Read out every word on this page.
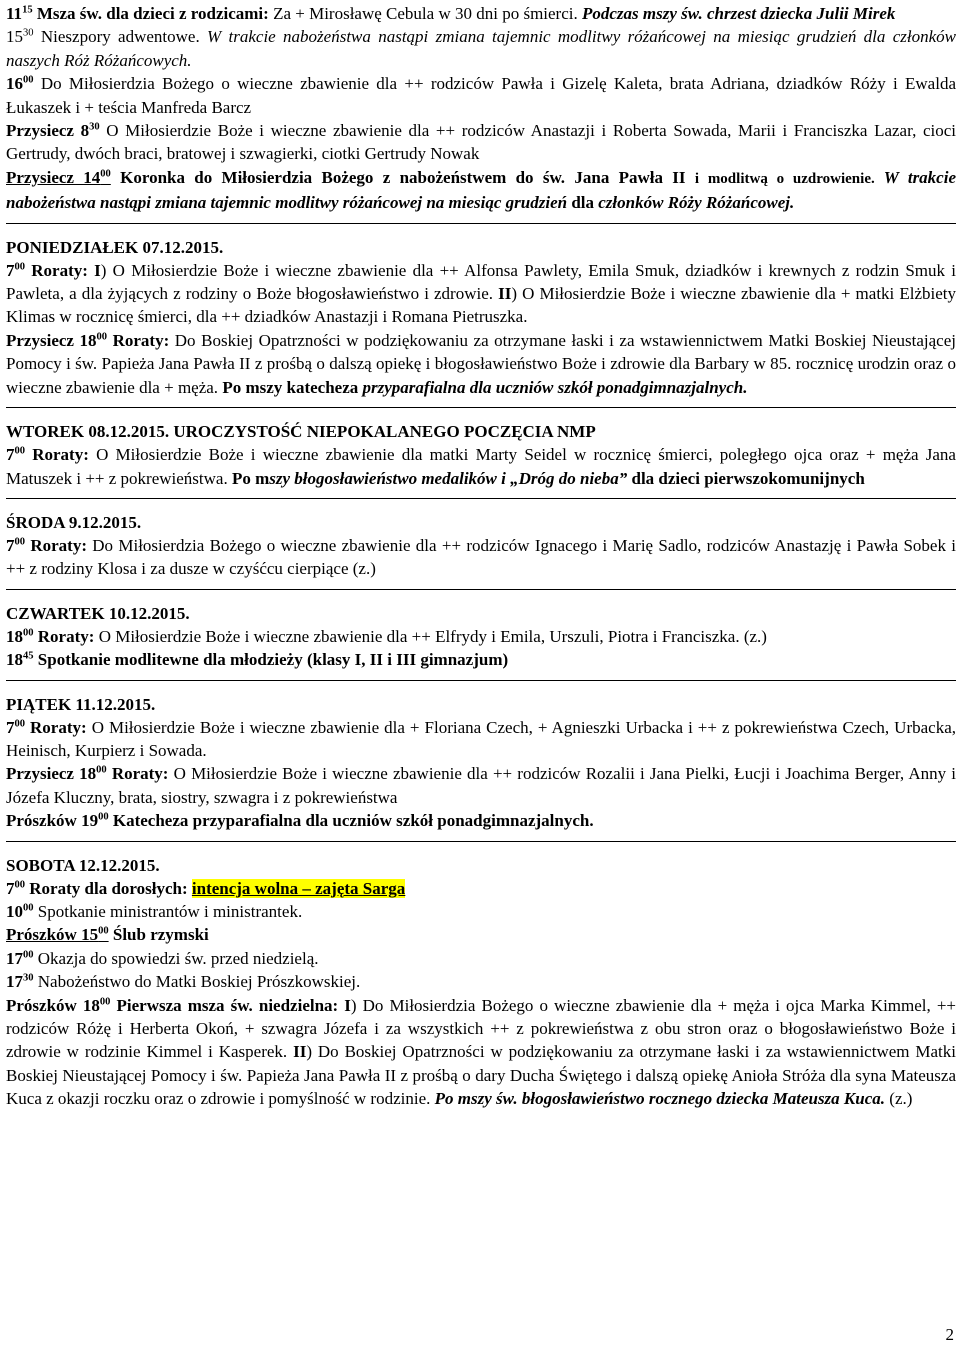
$11^{15}$ Msza św. dla dzieci z rodzicami: Za + Mirosławę Cebula w 30 dni po śmierci. Podczas mszy św. chrzest dziecka Julii Mirek

$15^{30}$ Nieszpory adwentowe. W trakcie nabożeństwa nastąpi zmiana tajemnic modlitwy różańcowej na miesiąc grudzień dla członków naszych Róż Różańcowych.

$16^{00}$ Do Miłosierdzia Bożego o wieczne zbawienie dla ++ rodziców Pawła i Gizelę Kaleta, brata Adriana, dziadków Róży i Ewalda Łukaszek i + teścia Manfreda Barcz

Przysiecz $8^{30}$ O Miłosierdzie Boże i wieczne zbawienie dla ++ rodziców Anastazji i Roberta Sowada, Marii i Franciszka Lazar, cioci Gertrudy, dwóch braci, bratowej i szwagierki, ciotki Gertrudy Nowak

Przysiecz $14^{00}$ Koronka do Miłosierdzia Bożego z nabożeństwem do św. Jana Pawła II i modlitwą o uzdrowienie. W trakcie nabożeństwa nastąpi zmiana tajemnic modlitwy różańcowej na miesiąc grudzień dla członków Róży Różańcowej.

PONIEDZIAŁEK 07.12.2015.

$7^{00}$ Roraty: I) O Miłosierdzie Boże i wieczne zbawienie dla ++ Alfonsa Pawlety, Emila Smuk, dziadków i krewnych z rodzin Smuk i Pawleta, a dla żyjących z rodziny o Boże błogosławieństwo i zdrowie. II) O Miłosierdzie Boże i wieczne zbawienie dla + matki Elżbiety Klimas w rocznicę śmierci, dla ++ dziadków Anastazji i Romana Pietruszka.

Przysiecz $18^{00}$ Roraty: Do Boskiej Opatrzności w podziękowaniu za otrzymane łaski i za wstawiennictwem Matki Boskiej Nieustającej Pomocy i św. Papieża Jana Pawła II z prośbą o dalszą opiekę i błogosławieństwo Boże i zdrowie dla Barbary w 85. rocznicę urodzin oraz o wieczne zbawienie dla + męża. Po mszy katecheza przyparafialna dla uczniów szkół ponadgimnazjalnych.

WTOREK 08.12.2015. UROCZYSTOŚĆ NIEPOKALANEGO POCZĘCIA NMP

$7^{00}$ Roraty: O Miłosierdzie Boże i wieczne zbawienie dla matki Marty Seidel w rocznicę śmierci, poległego ojca oraz + męża Jana Matuszek i ++ z pokrewieństwa. Po mszy błogosławieństwo medalików i „Dróg do nieba” dla dzieci pierwszokomunijnych

ŚRODA 9.12.2015.

$7^{00}$ Roraty: Do Miłosierdzia Bożego o wieczne zbawienie dla ++ rodziców Ignacego i Marię Sadlo, rodziców Anastazję i Pawła Sobek i ++ z rodziny Klosa i za dusze w czyśćcu cierpiące (z.)

CZWARTEK 10.12.2015.

$18^{00}$ Roraty: O Miłosierdzie Boże i wieczne zbawienie dla ++ Elfrydy i Emila, Urszuli, Piotra i Franciszka. (z.)

$18^{45}$ Spotkanie modlitewne dla młodzieży (klasy I, II i III gimnazjum)

PIĄTEK 11.12.2015.

$7^{00}$ Roraty: O Miłosierdzie Boże i wieczne zbawienie dla + Floriana Czech, + Agnieszki Urbacka i ++ z pokrewieństwa Czech, Urbacka, Heinisch, Kurpierz i Sowada.

Przysiecz $18^{00}$ Roraty: O Miłosierdzie Boże i wieczne zbawienie dla ++ rodziców Rozalii i Jana Pielki, Łucji i Joachima Berger, Anny i Józefa Kluczny, brata, siostry, szwagra i z pokrewieństwa

Prószków $19^{00}$ Katecheza przyparafialna dla uczniów szkół ponadgimnazjalnych.

SOBOTA 12.12.2015.

$7^{00}$ Roraty dla dorosłych: intencja wolna – zajęta Sarga

$10^{00}$ Spotkanie ministrantów i ministrantek.

Prószków $15^{00}$ Ślub rzymski

$17^{00}$ Okazja do spowiedzi św. przed niedzielą.

$17^{30}$ Nabożeństwo do Matki Boskiej Prószkowskiej.

Prószków $18^{00}$ Pierwsza msza św. niedzielna: I) Do Miłosierdzia Bożego o wieczne zbawienie dla + męża i ojca Marka Kimmel, ++ rodziców Różę i Herberta Okoń, + szwagra Józefa i za wszystkich ++ z pokrewieństwa z obu stron oraz o błogosławieństwo Boże i zdrowie w rodzinie Kimmel i Kasperek. II) Do Boskiej Opatrzności w podziękowaniu za otrzymane łaski i za wstawiennictwem Matki Boskiej Nieustającej Pomocy i św. Papieża Jana Pawła II z prośbą o dary Ducha Świętego i dalszą opiekę Anioła Stróża dla syna Mateusza Kuca z okazji roczku oraz o zdrowie i pomyślność w rodzinie. Po mszy św. błogosławieństwo rocznego dziecka Mateusza Kuca. (z.)

2
